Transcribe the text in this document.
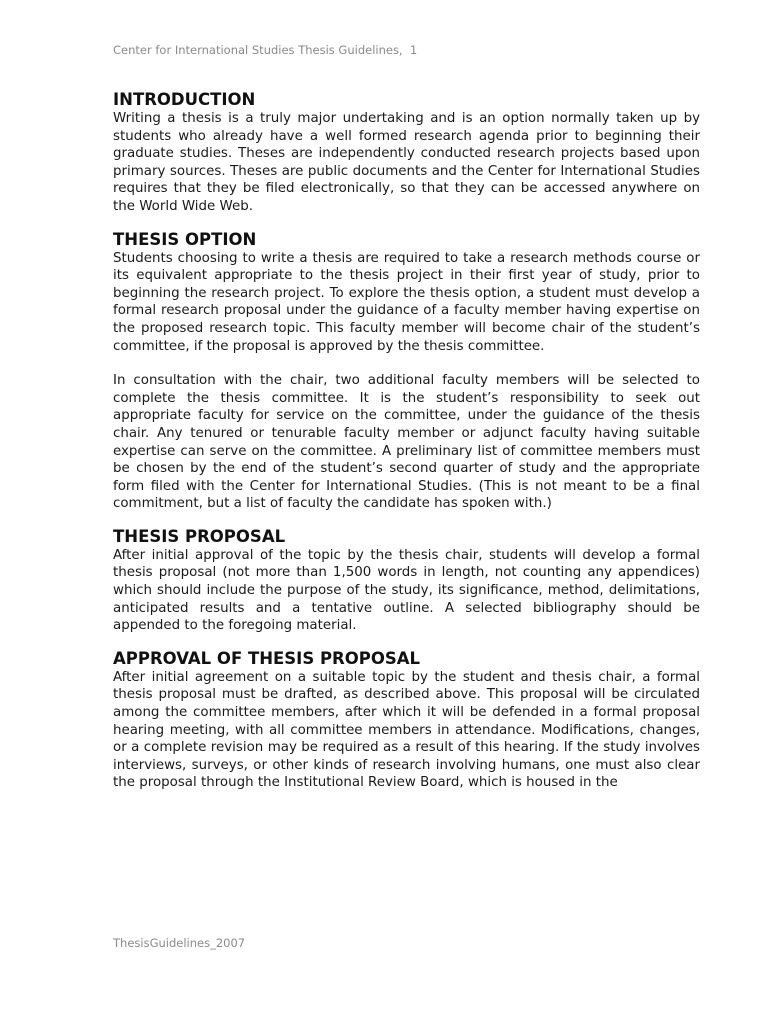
Center for International Studies Thesis Guidelines,  1
INTRODUCTION

Writing a thesis is a truly major undertaking and is an option normally taken up by students who already have a well formed research agenda prior to beginning their graduate studies. Theses are independently conducted research projects based upon primary sources. Theses are public documents and the Center for International Studies requires that they be filed electronically, so that they can be accessed anywhere on the World Wide Web.

THESIS OPTION

Students choosing to write a thesis are required to take a research methods course or its equivalent appropriate to the thesis project in their first year of study, prior to beginning the research project. To explore the thesis option, a student must develop a formal research proposal under the guidance of a faculty member having expertise on the proposed research topic. This faculty member will become chair of the student’s committee, if the proposal is approved by the thesis committee.

In consultation with the chair, two additional faculty members will be selected to complete the thesis committee. It is the student’s responsibility to seek out appropriate faculty for service on the committee, under the guidance of the thesis chair. Any tenured or tenurable faculty member or adjunct faculty having suitable expertise can serve on the committee. A preliminary list of committee members must be chosen by the end of the student’s second quarter of study and the appropriate form filed with the Center for International Studies. (This is not meant to be a final commitment, but a list of faculty the candidate has spoken with.)

THESIS PROPOSAL

After initial approval of the topic by the thesis chair, students will develop a formal thesis proposal (not more than 1,500 words in length, not counting any appendices) which should include the purpose of the study, its significance, method, delimitations, anticipated results and a tentative outline. A selected bibliography should be appended to the foregoing material.

APPROVAL OF THESIS PROPOSAL

After initial agreement on a suitable topic by the student and thesis chair, a formal thesis proposal must be drafted, as described above. This proposal will be circulated among the committee members, after which it will be defended in a formal proposal hearing meeting, with all committee members in attendance. Modifications, changes, or a complete revision may be required as a result of this hearing. If the study involves interviews, surveys, or other kinds of research involving humans, one must also clear the proposal through the Institutional Review Board, which is housed in the

ThesisGuidelines_2007
